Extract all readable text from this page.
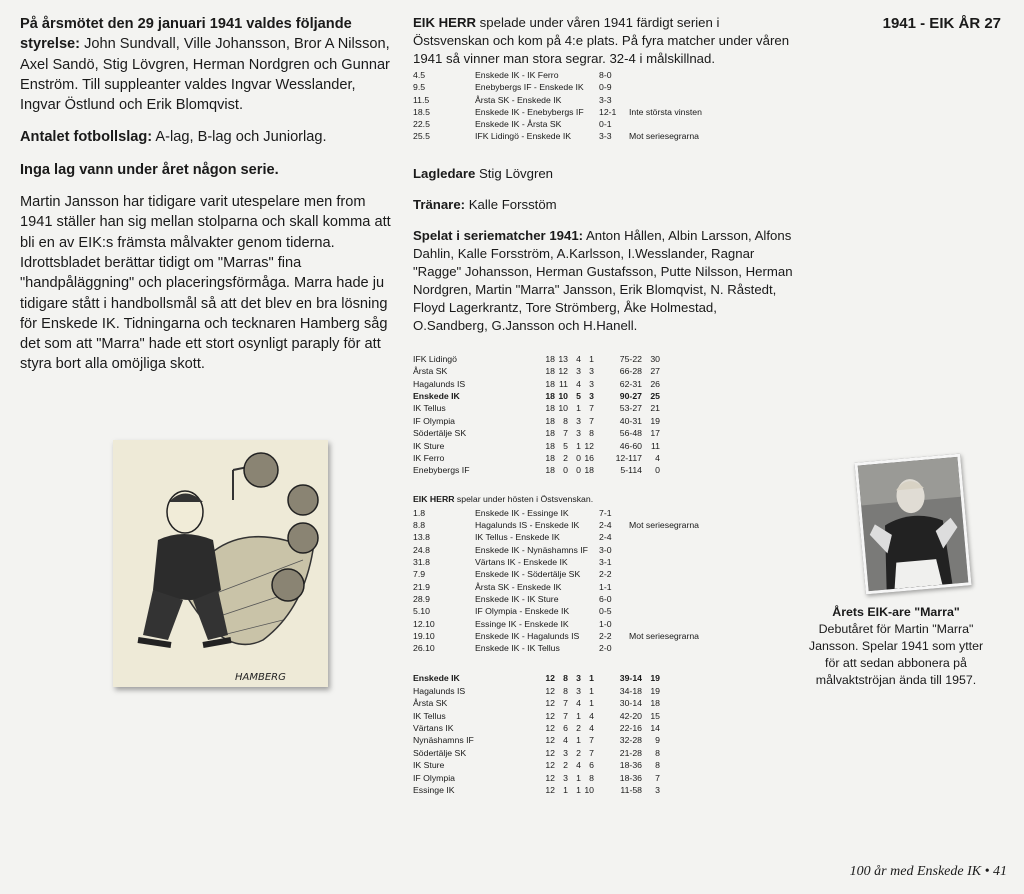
På årsmötet den 29 januari 1941 valdes följande styrelse: John Sundvall, Ville Johansson, Bror A Nilsson, Axel Sandö, Stig Lövgren, Herman Nordgren och Gunnar Enström. Till suppleanter valdes Ingvar Wesslander, Ingvar Östlund och Erik Blomqvist.

Antalet fotbollslag: A-lag, B-lag och Juniorlag.

Inga lag vann under året någon serie.

Martin Jansson har tidigare varit utespelare men from 1941 ställer han sig mellan stolparna och skall komma att bli en av EIK:s främsta målvakter genom tiderna. Idrottsbladet berättar tidigt om "Marras" fina "handpåläggning" och placeringsförmåga. Marra hade ju tidigare stått i handbollsmål så att det blev en bra lösning för Enskede IK. Tidningarna och tecknaren Hamberg såg det som att "Marra" hade ett stort osynligt paraply för att styra bort alla omöjliga skott.

HAMBERG

EIK HERR spelade under våren 1941 färdigt serien i Östsvenskan och kom på 4:e plats. På fyra matcher under våren 1941 så vinner man stora segrar. 32-4 i målskillnad.

4.5	Enskede IK - IK Ferro	8-0	
9.5	Enebybergs IF - Enskede IK	0-9	
11.5	Årsta SK - Enskede IK	3-3	
18.5	Enskede IK - Enebybergs IF	12-1	Inte största vinsten
22.5	Enskede IK - Årsta SK	0-1	
25.5	IFK Lidingö - Enskede IK	3-3	Mot seriesegrarna

Lagledare Stig Lövgren

Tränare: Kalle Forsstöm

Spelat i seriematcher 1941: Anton Hållen, Albin Larsson, Alfons Dahlin, Kalle Forsström, A.Karlsson, I.Wesslander, Ragnar "Ragge" Johansson, Herman Gustafsson, Putte Nilsson, Herman Nordgren, Martin "Marra" Jansson, Erik Blomqvist, N. Råstedt, Floyd Lagerkrantz, Tore Strömberg, Åke Holmestad, O.Sandberg, G.Jansson och H.Hanell.

IFK Lidingö	18	13	4	1	75-22	30
Årsta SK	18	12	3	3	66-28	27
Hagalunds IS	18	11	4	3	62-31	26
Enskede IK	18	10	5	3	90-27	25
IK Tellus	18	10	1	7	53-27	21
IF Olympia	18	8	3	7	40-31	19
Södertälje SK	18	7	3	8	56-48	17
IK Sture	18	5	1	12	46-60	11
IK Ferro	18	2	0	16	12-117	4
Enebybergs IF	18	0	0	18	5-114	0

EIK HERR spelar under hösten i Östsvenskan.

1.8	Enskede IK - Essinge IK	7-1	
8.8	Hagalunds IS - Enskede IK	2-4	Mot seriesegrarna
13.8	IK Tellus - Enskede IK	2-4	
24.8	Enskede IK - Nynäshamns IF	3-0	
31.8	Värtans IK - Enskede IK	3-1	
7.9	Enskede IK - Södertälje SK	2-2	
21.9	Årsta SK - Enskede IK	1-1	
28.9	Enskede IK - IK Sture	6-0	
5.10	IF Olympia - Enskede IK	0-5	
12.10	Essinge IK - Enskede IK	1-0	
19.10	Enskede IK - Hagalunds IS	2-2	Mot seriesegrarna
26.10	Enskede IK - IK Tellus	2-0	
Enskede IK	12	8	3	1	39-14	19
Hagalunds IS	12	8	3	1	34-18	19
Årsta SK	12	7	4	1	30-14	18
IK Tellus	12	7	1	4	42-20	15
Värtans IK	12	6	2	4	22-16	14
Nynäshamns IF	12	4	1	7	32-28	9
Södertälje SK	12	3	2	7	21-28	8
IK Sture	12	2	4	6	18-36	8
IF Olympia	12	3	1	8	18-36	7
Essinge IK	12	1	1	10	11-58	3
1941 - EIK ÅR 27
Årets EIK-are "Marra"
Debutåret för Martin "Marra" Jansson. Spelar 1941 som ytter för att sedan abbonera på målvaktströjan ända till 1957.
100 år med Enskede IK • 41
